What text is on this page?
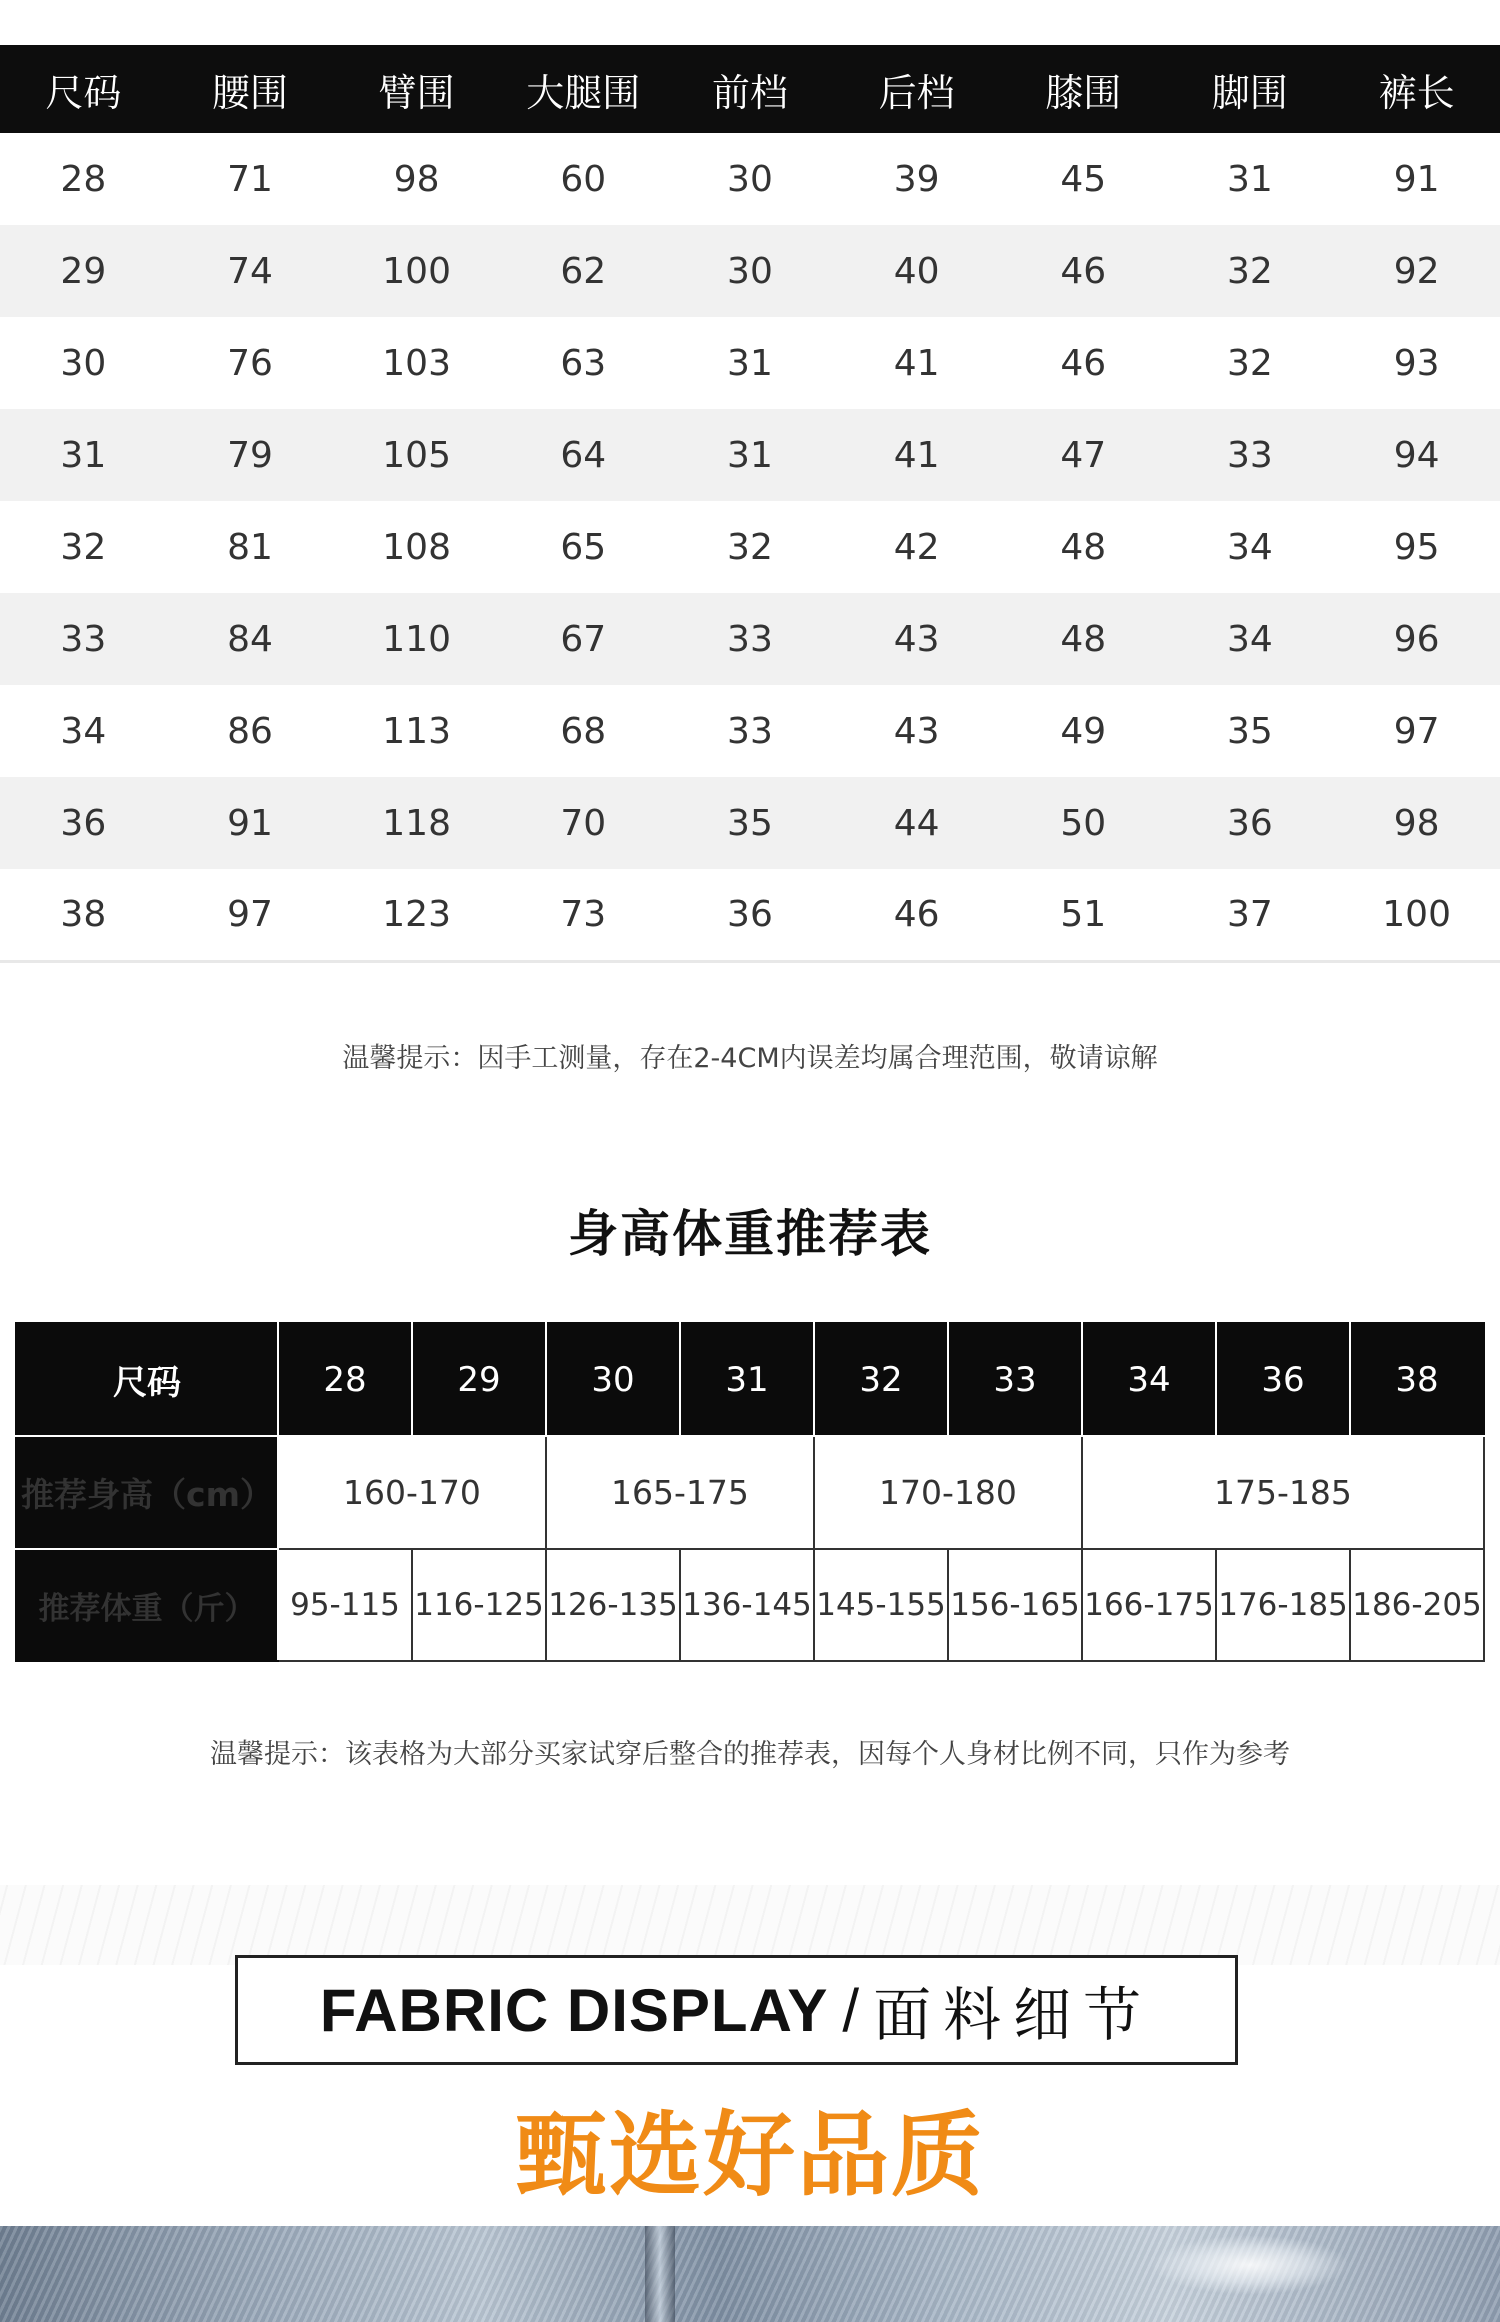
尺码	腰围	臂围	大腿围	前档	后档	膝围	脚围	裤长
28	71	98	60	30	39	45	31	91
29	74	100	62	30	40	46	32	92
30	76	103	63	31	41	46	32	93
31	79	105	64	31	41	47	33	94
32	81	108	65	32	42	48	34	95
33	84	110	67	33	43	48	34	96
34	86	113	68	33	43	49	35	97
36	91	118	70	35	44	50	36	98
38	97	123	73	36	46	51	37	100
温馨提示：因手工测量，存在2-4CM内误差均属合理范围，敬请谅解
身高体重推荐表
尺码	28	29	30	31	32	33	34	36	38
推荐身高（cm）	160-170		165-175		170-180		175-185		
推荐体重（斤）	95-115	116-125	126-135	136-145	145-155	156-165	166-175	176-185	186-205
温馨提示：该表格为大部分买家试穿后整合的推荐表，因每个人身材比例不同，只作为参考
FABRIC DISPLAY / 面料细节
甄选好品质
